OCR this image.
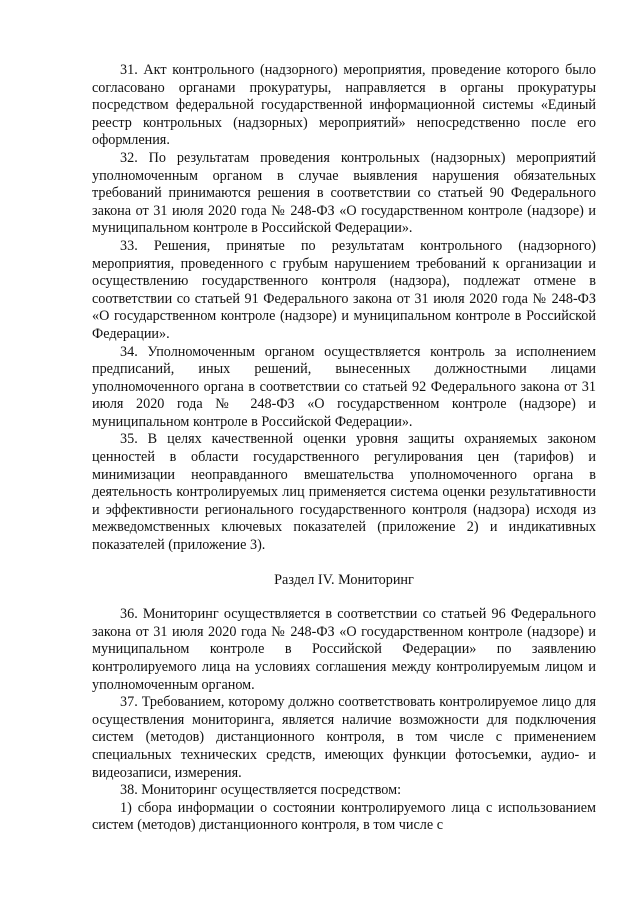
31. Акт контрольного (надзорного) мероприятия, проведение которого было согласовано органами прокуратуры, направляется в органы прокуратуры посредством федеральной государственной информационной системы «Единый реестр контрольных (надзорных) мероприятий» непосредственно после его оформления.

32. По результатам проведения контрольных (надзорных) мероприятий уполномоченным органом в случае выявления нарушения обязательных требований принимаются решения в соответствии со статьей 90 Федерального закона от 31 июля 2020 года № 248-ФЗ «О государственном контроле (надзоре) и муниципальном контроле в Российской Федерации».

33. Решения, принятые по результатам контрольного (надзорного) мероприятия, проведенного с грубым нарушением требований к организации и осуществлению государственного контроля (надзора), подлежат отмене в соответствии со статьей 91 Федерального закона от 31 июля 2020 года № 248-ФЗ «О государственном контроле (надзоре) и муниципальном контроле в Российской Федерации».

34. Уполномоченным органом осуществляется контроль за исполнением предписаний, иных решений, вынесенных должностными лицами уполномоченного органа в соответствии со статьей 92 Федерального закона от 31 июля 2020 года № 248-ФЗ «О государственном контроле (надзоре) и муниципальном контроле в Российской Федерации».

35. В целях качественной оценки уровня защиты охраняемых законом ценностей в области государственного регулирования цен (тарифов) и минимизации неоправданного вмешательства уполномоченного органа в деятельность контролируемых лиц применяется система оценки результативности и эффективности регионального государственного контроля (надзора) исходя из межведомственных ключевых показателей (приложение 2) и индикативных показателей (приложение 3).

Раздел IV. Мониторинг

36. Мониторинг осуществляется в соответствии со статьей 96 Федерального закона от 31 июля 2020 года № 248-ФЗ «О государственном контроле (надзоре) и муниципальном контроле в Российской Федерации» по заявлению контролируемого лица на условиях соглашения между контролируемым лицом и уполномоченным органом.

37. Требованием, которому должно соответствовать контролируемое лицо для осуществления мониторинга, является наличие возможности для подключения систем (методов) дистанционного контроля, в том числе с применением специальных технических средств, имеющих функции фотосъемки, аудио- и видеозаписи, измерения.

38. Мониторинг осуществляется посредством:

1) сбора информации о состоянии контролируемого лица с использованием систем (методов) дистанционного контроля, в том числе с
